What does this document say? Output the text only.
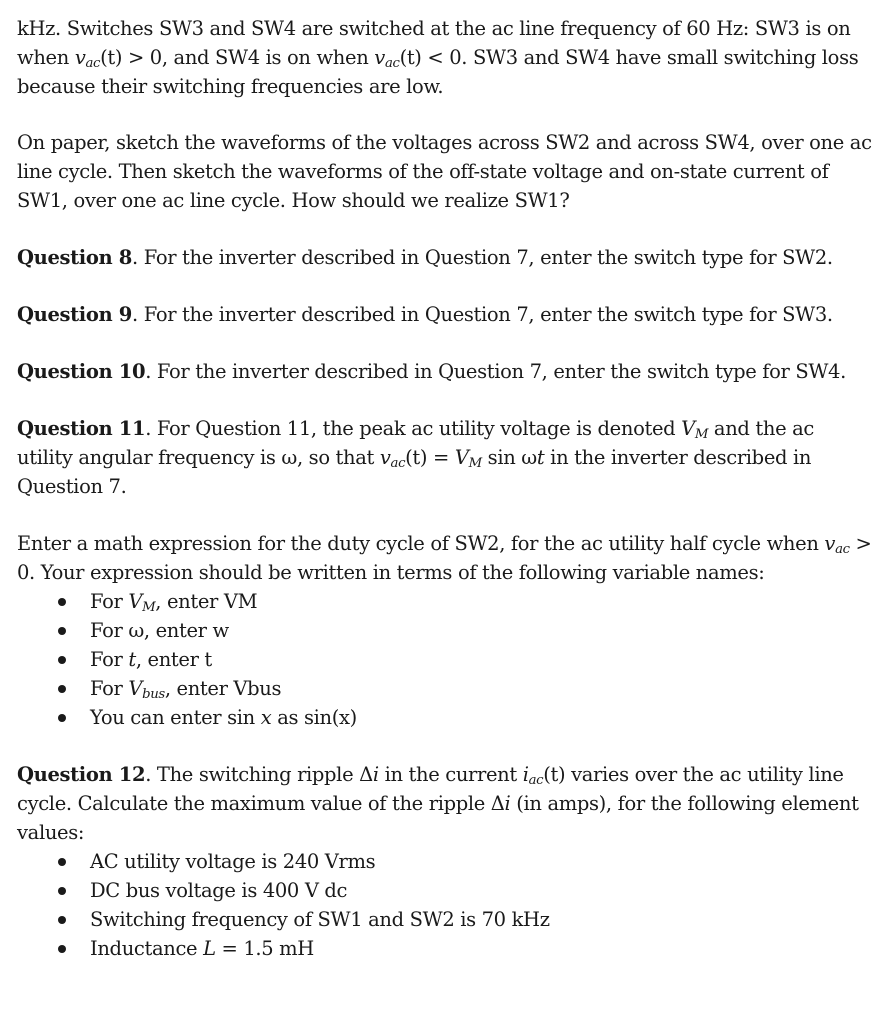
kHz. Switches SW3 and SW4 are switched at the ac line frequency of 60 Hz: SW3 is on when $v_{ac}(t) > 0$, and SW4 is on when $v_{ac}(t) < 0$. SW3 and SW4 have small switching loss because their switching frequencies are low.

On paper, sketch the waveforms of the voltages across SW2 and across SW4, over one ac line cycle. Then sketch the waveforms of the off-state voltage and on-state current of SW1, over one ac line cycle. How should we realize SW1?

Question 8. For the inverter described in Question 7, enter the switch type for SW2.

Question 9. For the inverter described in Question 7, enter the switch type for SW3.

Question 10. For the inverter described in Question 7, enter the switch type for SW4.

Question 11. For Question 11, the peak ac utility voltage is denoted $V_M$ and the ac utility angular frequency is ω, so that $v_{ac}(t) = V_M$ sin ωt in the inverter described in Question 7.

Enter a math expression for the duty cycle of SW2, for the ac utility half cycle when $v_{ac} > 0$. Your expression should be written in terms of the following variable names:

For $V_M$, enter VM
For ω, enter w
For t, enter t
For $V_{bus}$, enter Vbus
You can enter sin x as sin(x)

Question 12. The switching ripple Δi in the current $i_{ac}(t)$ varies over the ac utility line cycle. Calculate the maximum value of the ripple Δi (in amps), for the following element values:

AC utility voltage is 240 Vrms
DC bus voltage is 400 V dc
Switching frequency of SW1 and SW2 is 70 kHz
Inductance L = 1.5 mH
